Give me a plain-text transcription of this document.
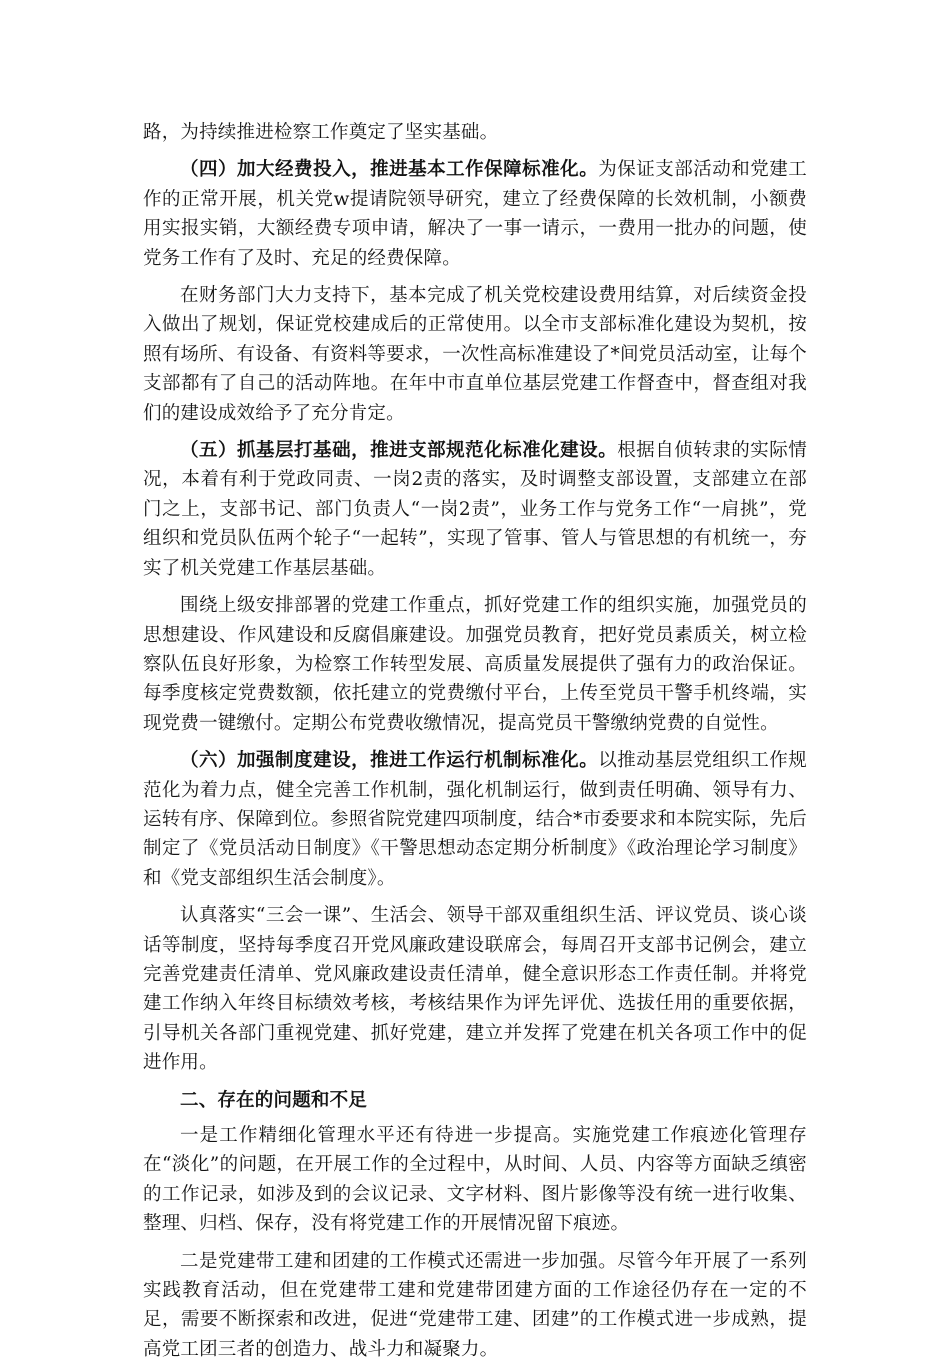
路，为持续推进检察工作奠定了坚实基础。

（四）加大经费投入，推进基本工作保障标准化。为保证支部活动和党建工作的正常开展，机关党w提请院领导研究，建立了经费保障的长效机制，小额费用实报实销，大额经费专项申请，解决了一事一请示，一费用一批办的问题，使党务工作有了及时、充足的经费保障。

在财务部门大力支持下，基本完成了机关党校建设费用结算，对后续资金投入做出了规划，保证党校建成后的正常使用。以全市支部标准化建设为契机，按照有场所、有设备、有资料等要求，一次性高标准建设了*间党员活动室，让每个支部都有了自己的活动阵地。在年中市直单位基层党建工作督查中，督查组对我们的建设成效给予了充分肯定。

（五）抓基层打基础，推进支部规范化标准化建设。根据自侦转隶的实际情况，本着有利于党政同责、一岗2责的落实，及时调整支部设置，支部建立在部门之上，支部书记、部门负责人“一岗2责”，业务工作与党务工作“一肩挑”，党组织和党员队伍两个轮子“一起转”，实现了管事、管人与管思想的有机统一，夯实了机关党建工作基层基础。

围绕上级安排部署的党建工作重点，抓好党建工作的组织实施，加强党员的思想建设、作风建设和反腐倡廉建设。加强党员教育，把好党员素质关，树立检察队伍良好形象，为检察工作转型发展、高质量发展提供了强有力的政治保证。每季度核定党费数额，依托建立的党费缴付平台，上传至党员干警手机终端，实现党费一键缴付。定期公布党费收缴情况，提高党员干警缴纳党费的自觉性。

（六）加强制度建设，推进工作运行机制标准化。以推动基层党组织工作规范化为着力点，健全完善工作机制，强化机制运行，做到责任明确、领导有力、运转有序、保障到位。参照省院党建四项制度，结合*市委要求和本院实际，先后制定了《党员活动日制度》《干警思想动态定期分析制度》《政治理论学习制度》和《党支部组织生活会制度》。

认真落实“三会一课”、生活会、领导干部双重组织生活、评议党员、谈心谈话等制度，坚持每季度召开党风廉政建设联席会，每周召开支部书记例会，建立完善党建责任清单、党风廉政建设责任清单，健全意识形态工作责任制。并将党建工作纳入年终目标绩效考核，考核结果作为评先评优、选拔任用的重要依据，引导机关各部门重视党建、抓好党建，建立并发挥了党建在机关各项工作中的促进作用。

二、存在的问题和不足

一是工作精细化管理水平还有待进一步提高。实施党建工作痕迹化管理存在“淡化”的问题，在开展工作的全过程中，从时间、人员、内容等方面缺乏缜密的工作记录，如涉及到的会议记录、文字材料、图片影像等没有统一进行收集、整理、归档、保存，没有将党建工作的开展情况留下痕迹。

二是党建带工建和团建的工作模式还需进一步加强。尽管今年开展了一系列实践教育活动，但在党建带工建和党建带团建方面的工作途径仍存在一定的不足，需要不断探索和改进，促进“党建带工建、团建”的工作模式进一步成熟，提高党工团三者的创造力、战斗力和凝聚力。
